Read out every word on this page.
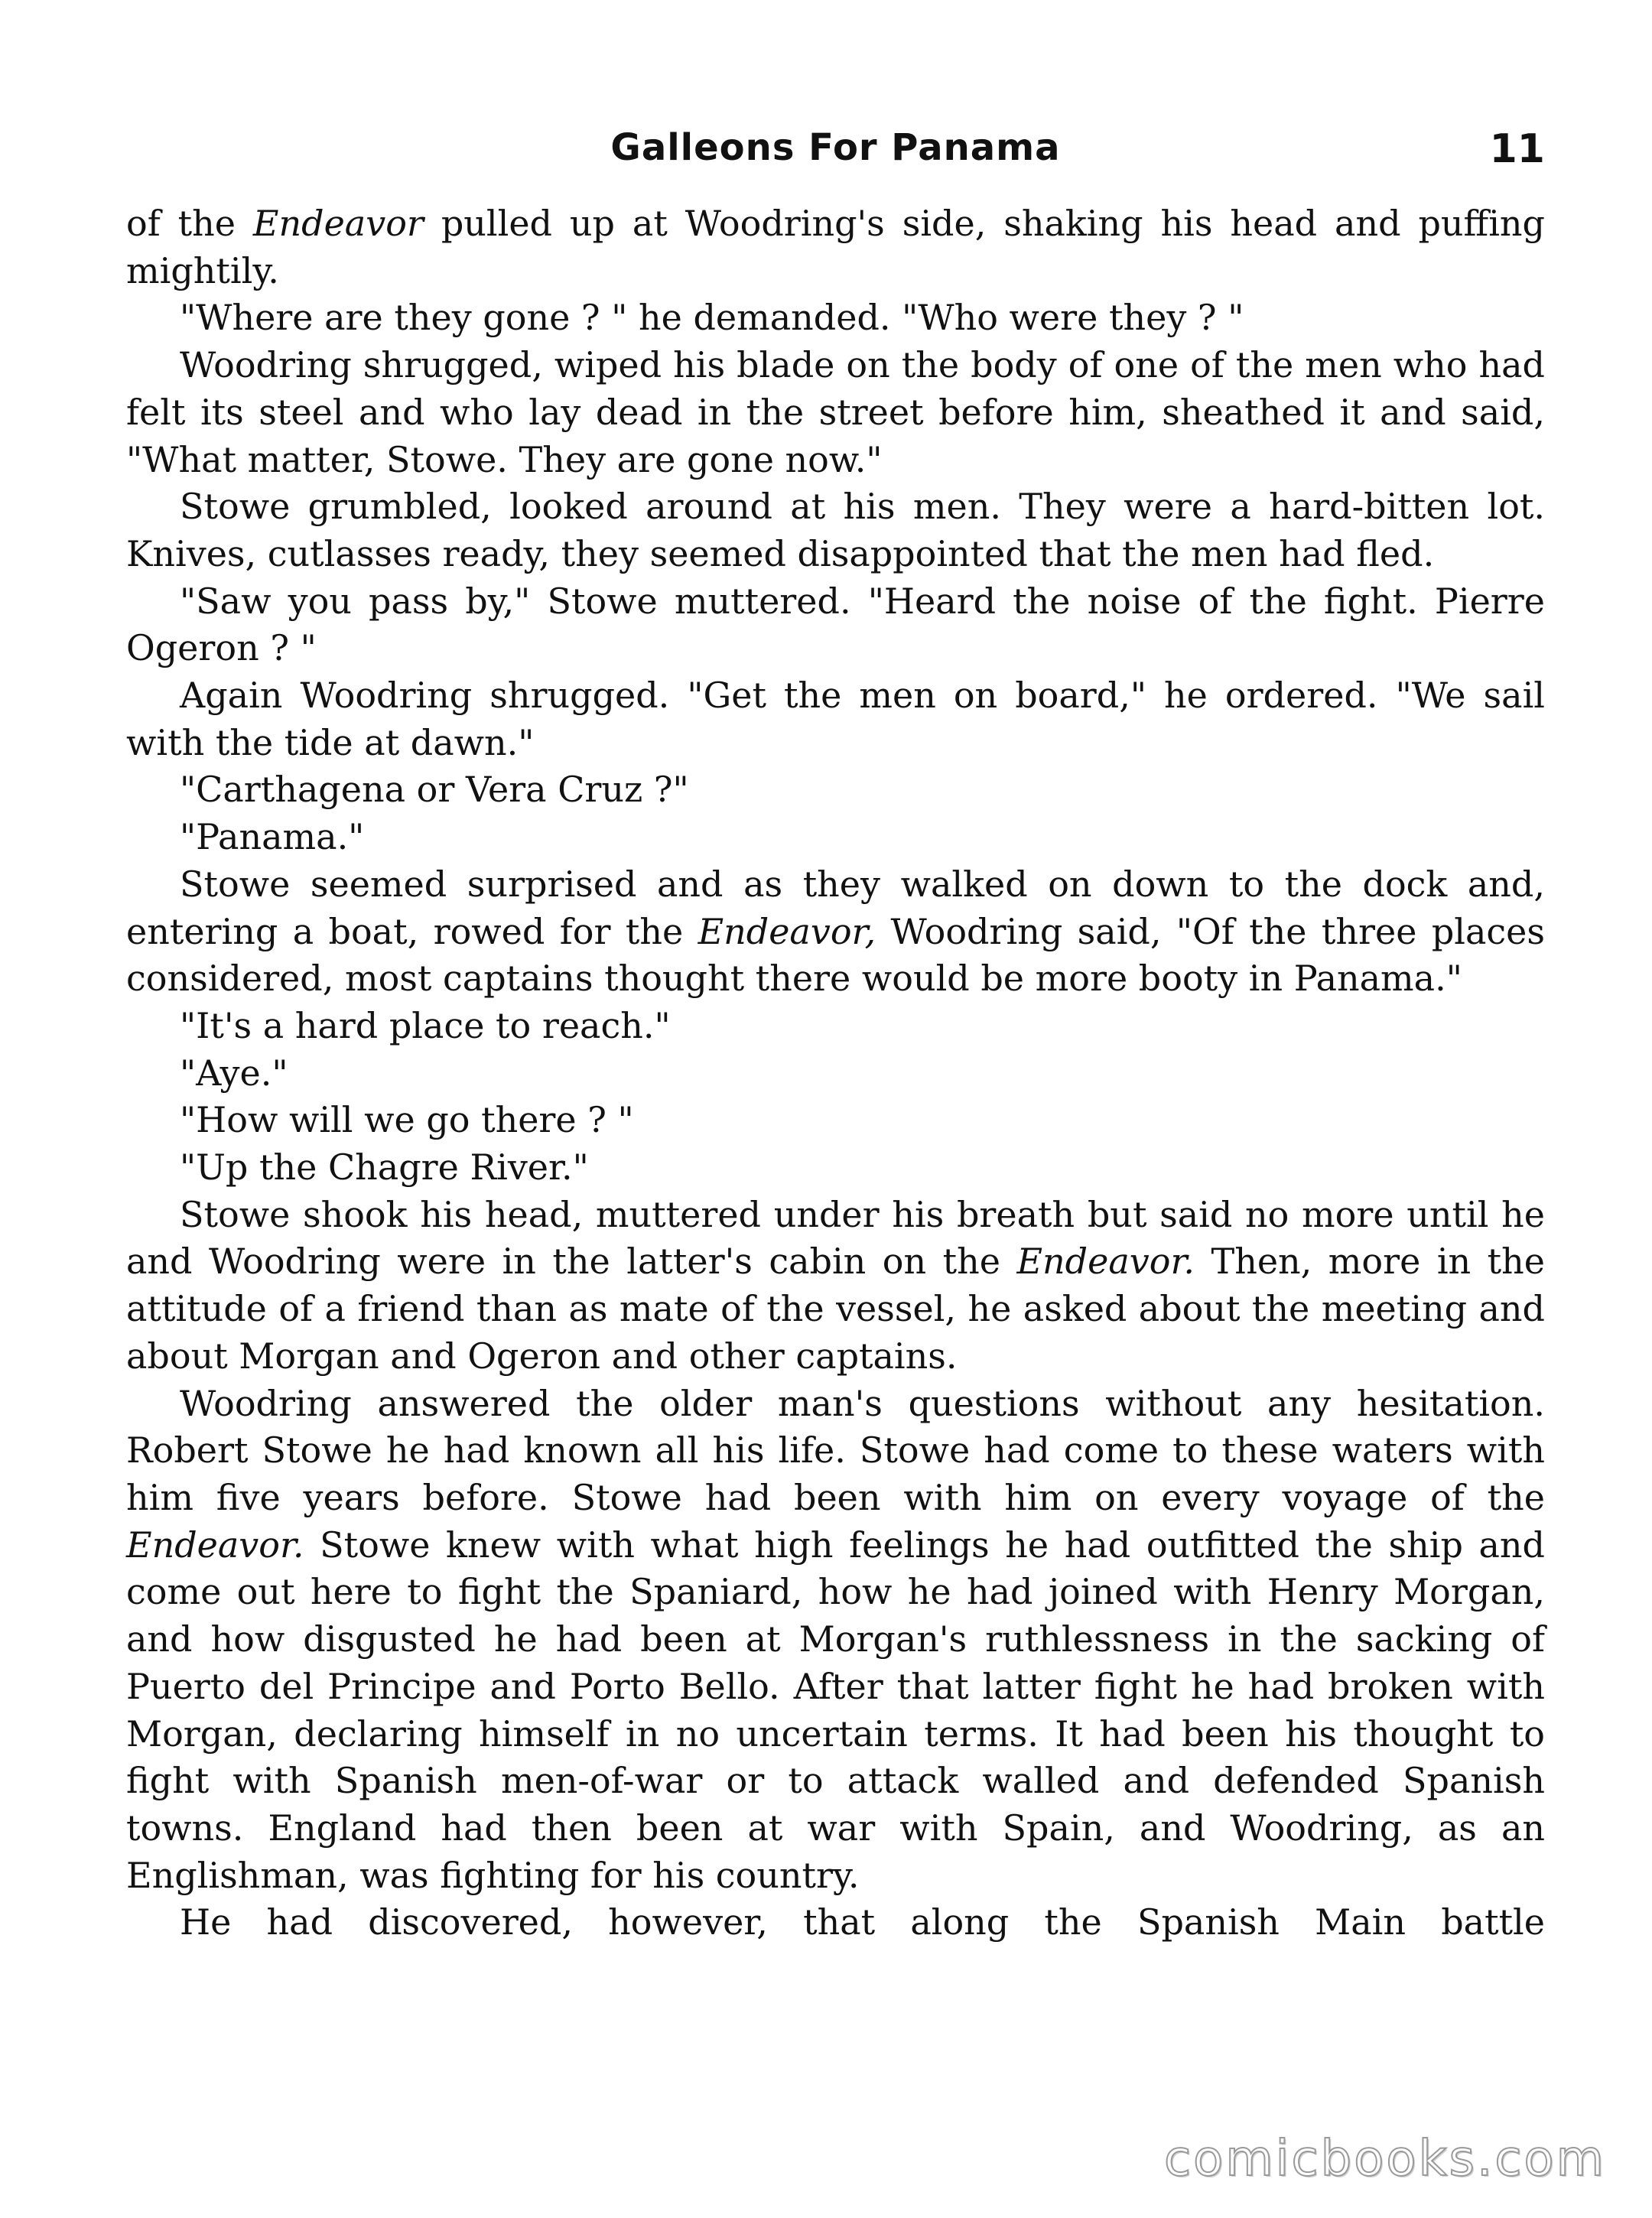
Galleons For Panama	11

of the Endeavor pulled up at Woodring's side, shaking his head and puffing mightily.

"Where are they gone ? " he demanded. "Who were they ? "

Woodring shrugged, wiped his blade on the body of one of the men who had felt its steel and who lay dead in the street before him, sheathed it and said, "What matter, Stowe. They are gone now."

Stowe grumbled, looked around at his men. They were a hard-bitten lot. Knives, cutlasses ready, they seemed disappointed that the men had fled.

"Saw you pass by," Stowe muttered. "Heard the noise of the fight. Pierre Ogeron ? "

Again Woodring shrugged. "Get the men on board," he ordered. "We sail with the tide at dawn."

"Carthagena or Vera Cruz ?"

"Panama."

Stowe seemed surprised and as they walked on down to the dock and, entering a boat, rowed for the Endeavor, Woodring said, "Of the three places considered, most captains thought there would be more booty in Panama."

"It's a hard place to reach."

"Aye."

"How will we go there ? "

"Up the Chagre River."

Stowe shook his head, muttered under his breath but said no more until he and Woodring were in the latter's cabin on the Endeavor. Then, more in the attitude of a friend than as mate of the vessel, he asked about the meeting and about Morgan and Ogeron and other captains.

Woodring answered the older man's questions without any hesitation. Robert Stowe he had known all his life. Stowe had come to these waters with him five years before. Stowe had been with him on every voyage of the Endeavor. Stowe knew with what high feelings he had outfitted the ship and come out here to fight the Spaniard, how he had joined with Henry Morgan, and how disgusted he had been at Morgan's ruthlessness in the sacking of Puerto del Principe and Porto Bello. After that latter fight he had broken with Morgan, declaring himself in no uncertain terms. It had been his thought to fight with Spanish men-of-war or to attack walled and defended Spanish towns. England had then been at war with Spain, and Woodring, as an Englishman, was fighting for his country.

He had discovered, however, that along the Spanish Main battle

comicbooks.com
